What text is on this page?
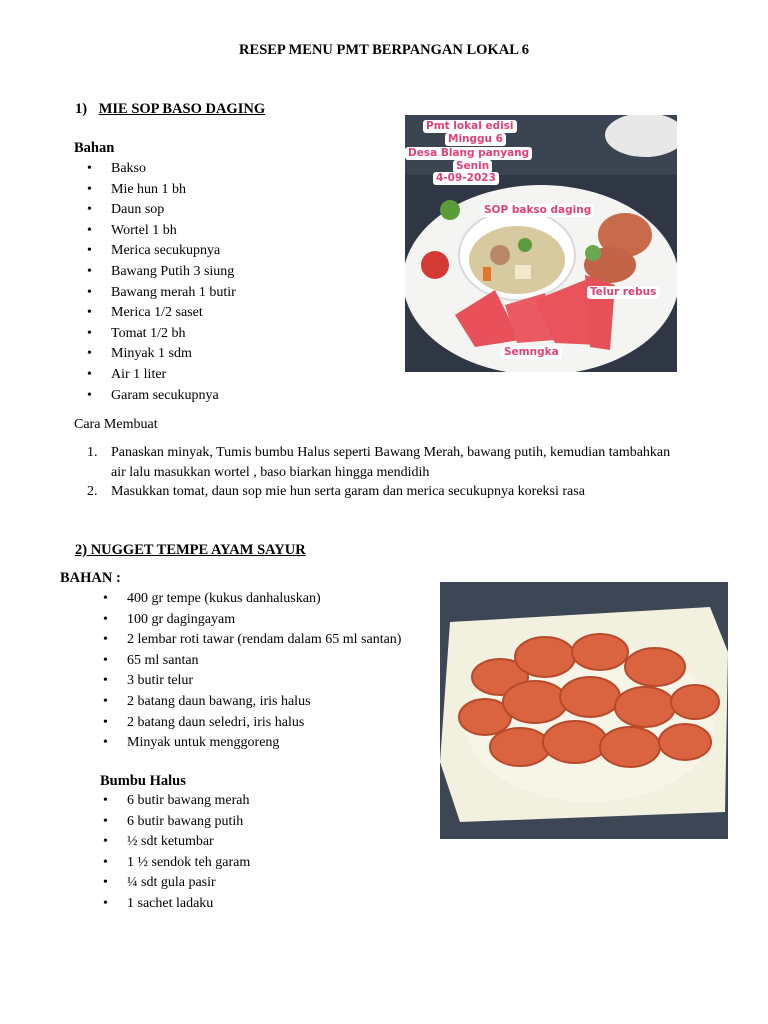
RESEP MENU PMT BERPANGAN LOKAL 6
1) MIE SOP BASO DAGING
Bahan
• Bakso
• Mie hun 1 bh
• Daun sop
• Wortel 1 bh
• Merica secukupnya
• Bawang Putih 3 siung
• Bawang merah 1 butir
• Merica 1/2 saset
• Tomat 1/2 bh
• Minyak 1 sdm
• Air 1 liter
• Garam secukupnya
Pmt lokal edisi
Minggu 6
Desa Blang panyang
Senin
4-09-2023
SOP bakso daging
Telur rebus
Semngka
Cara Membuat
1. Panaskan minyak, Tumis bumbu Halus seperti Bawang Merah, bawang putih, kemudian tambahkan air lalu masukkan wortel , baso biarkan hingga mendidih
2. Masukkan tomat, daun sop mie hun serta garam dan merica secukupnya koreksi rasa
2) NUGGET TEMPE AYAM SAYUR
BAHAN :
• 400 gr tempe (kukus danhaluskan)
• 100 gr dagingayam
• 2 lembar roti tawar (rendam dalam 65 ml santan)
• 65 ml santan
• 3 butir telur
• 2 batang daun bawang, iris halus
• 2 batang daun seledri, iris halus
• Minyak untuk menggoreng
Bumbu Halus
• 6 butir bawang merah
• 6 butir bawang putih
• ½ sdt ketumbar
• 1 ½ sendok teh garam
• ¼ sdt gula pasir
• 1 sachet ladaku
